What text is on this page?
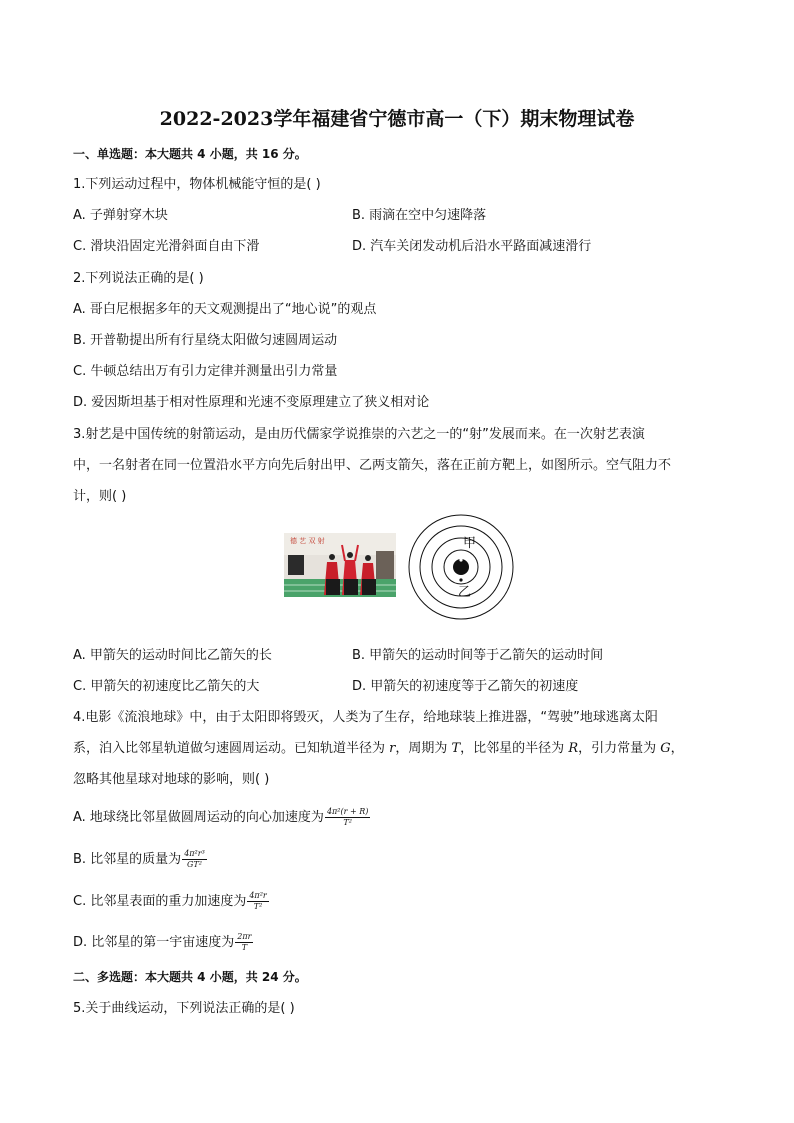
2022-2023学年福建省宁德市高一（下）期末物理试卷
一、单选题：本大题共 4 小题，共 16 分。
1.下列运动过程中，物体机械能守恒的是( )
A. 子弹射穿木块	B. 雨滴在空中匀速降落
C. 滑块沿固定光滑斜面自由下滑	D. 汽车关闭发动机后沿水平路面减速滑行
2.下列说法正确的是( )
A. 哥白尼根据多年的天文观测提出了“地心说”的观点
B. 开普勒提出所有行星绕太阳做匀速圆周运动
C. 牛顿总结出万有引力定律并测量出引力常量
D. 爱因斯坦基于相对性原理和光速不变原理建立了狭义相对论
3.射艺是中国传统的射箭运动，是由历代儒家学说推崇的六艺之一的“射”发展而来。在一次射艺表演
中，一名射者在同一位置沿水平方向先后射出甲、乙两支箭矢，落在正前方靶上，如图所示。空气阻力不
计，则( )
德 艺 双 射	甲
乙
A. 甲箭矢的运动时间比乙箭矢的长	B. 甲箭矢的运动时间等于乙箭矢的运动时间
C. 甲箭矢的初速度比乙箭矢的大	D. 甲箭矢的初速度等于乙箭矢的初速度
4.电影《流浪地球》中，由于太阳即将毁灭，人类为了生存，给地球装上推进器，“驾驶”地球逃离太阳
系，泊入比邻星轨道做匀速圆周运动。已知轨道半径为 r，周期为 T，比邻星的半径为 R，引力常量为 G，
忽略其他星球对地球的影响，则( )
A. 地球绕比邻星做圆周运动的向心加速度为 $\frac{\text{4π²(r + R)}}{\text{T²}}$
B. 比邻星的质量为 $\frac{\text{4π²r³}}{\text{GT²}}$
C. 比邻星表面的重力加速度为 $\frac{\text{4π²r}}{\text{T²}}$
D. 比邻星的第一宇宙速度为 $\frac{2\pi r}{T}$
二、多选题：本大题共 4 小题，共 24 分。
5.关于曲线运动，下列说法正确的是( )
